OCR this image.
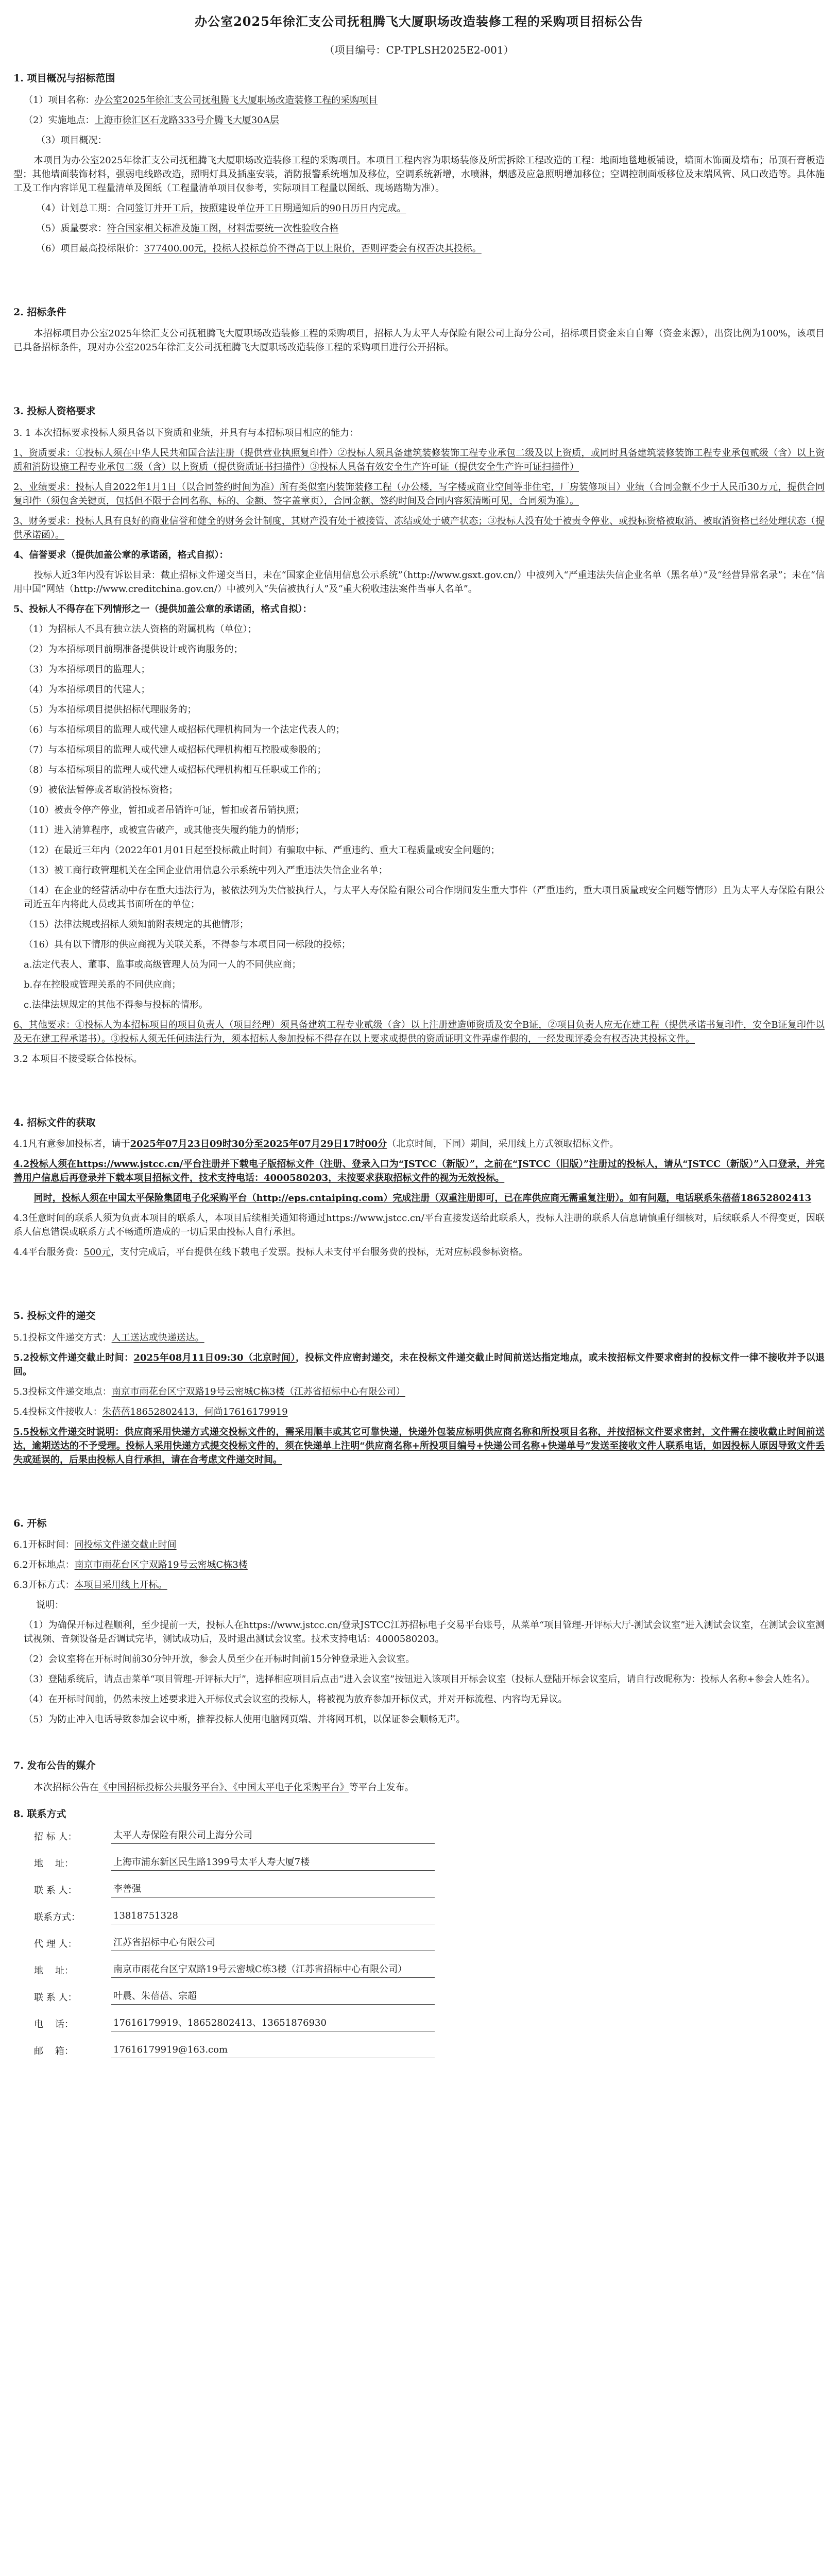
办公室2025年徐汇支公司抚租腾飞大厦职场改造装修工程的采购项目招标公告
（项目编号：CP-TPLSH2025E2-001）
1. 项目概况与招标范围

（1）项目名称：办公室2025年徐汇支公司抚租腾飞大厦职场改造装修工程的采购项目

（2）实施地点：上海市徐汇区石龙路333号介腾飞大厦30A层

（3）项目概况：

本项目为办公室2025年徐汇支公司抚租腾飞大厦职场改造装修工程的采购项目。本项目工程内容为职场装修及所需拆除工程改造的工程：地面地毯地板铺设，墙面木饰面及墙布；吊顶石膏板造型；其他墙面装饰材料，强弱电线路改造，照明灯具及插座安装，消防报警系统增加及移位，空调系统新增，水喷淋，烟感及应急照明增加移位；空调控制面板移位及末端风管、风口改造等。具体施工及工作内容详见工程量清单及图纸（工程量清单项目仅参考，实际项目工程量以图纸、现场踏勘为准）。

（4）计划总工期：合同签订并开工后，按照建设单位开工日期通知后的90日历日内完成。

（5）质量要求：符合国家相关标准及施工图，材料需要统一次性验收合格

（6）项目最高投标限价：377400.00元，投标人投标总价不得高于以上限价，否则评委会有权否决其投标。

2. 招标条件

本招标项目办公室2025年徐汇支公司抚租腾飞大厦职场改造装修工程的采购项目，招标人为太平人寿保险有限公司上海分公司，招标项目资金来自自筹（资金来源），出资比例为100%，该项目已具备招标条件，现对办公室2025年徐汇支公司抚租腾飞大厦职场改造装修工程的采购项目进行公开招标。

3. 投标人资格要求

3. 1 本次招标要求投标人须具备以下资质和业绩，并具有与本招标项目相应的能力：

1、资质要求：①投标人须在中华人民共和国合法注册（提供营业执照复印件）②投标人须具备建筑装修装饰工程专业承包二级及以上资质，或同时具备建筑装修装饰工程专业承包贰级（含）以上资质和消防设施工程专业承包二级（含）以上资质（提供资质证书扫描件）③投标人具备有效安全生产许可证（提供安全生产许可证扫描件）

2、业绩要求：投标人自2022年1月1日（以合同签约时间为准）所有类似室内装饰装修工程（办公楼，写字楼或商业空间等非住宅，厂房装修项目）业绩（合同金额不少于人民币30万元，提供合同复印件（须包含关键页，包括但不限于合同名称、标的、金额、签字盖章页），合同金额、签约时间及合同内容须清晰可见，合同须为准）。

3、财务要求：投标人具有良好的商业信誉和健全的财务会计制度，其财产没有处于被接管、冻结或处于破产状态；③投标人没有处于被责令停业、或投标资格被取消、被取消资格已经处理状态（提供承诺函）。

4、信誉要求（提供加盖公章的承诺函，格式自拟）：

投标人近3年内没有诉讼目录：截止招标文件递交当日，未在“国家企业信用信息公示系统”（http://www.gsxt.gov.cn/）中被列入“严重违法失信企业名单（黑名单）”及“经营异常名录”；未在“信用中国”网站（http://www.creditchina.gov.cn/）中被列入“失信被执行人”及“重大税收违法案件当事人名单”。

5、投标人不得存在下列情形之一（提供加盖公章的承诺函，格式自拟）：

（1）为招标人不具有独立法人资格的附属机构（单位）；

（2）为本招标项目前期准备提供设计或咨询服务的；

（3）为本招标项目的监理人；

（4）为本招标项目的代建人；

（5）为本招标项目提供招标代理服务的；

（6）与本招标项目的监理人或代建人或招标代理机构同为一个法定代表人的；

（7）与本招标项目的监理人或代建人或招标代理机构相互控股或参股的；

（8）与本招标项目的监理人或代建人或招标代理机构相互任职或工作的；

（9）被依法暂停或者取消投标资格；

（10）被责令停产停业，暂扣或者吊销许可证，暂扣或者吊销执照；

（11）进入清算程序，或被宣告破产，或其他丧失履约能力的情形；

（12）在最近三年内（2022年01月01日起至投标截止时间）有骗取中标、严重违约、重大工程质量或安全问题的；

（13）被工商行政管理机关在全国企业信用信息公示系统中列入严重违法失信企业名单；

（14）在企业的经营活动中存在重大违法行为，被依法列为失信被执行人，与太平人寿保险有限公司合作期间发生重大事件（严重违约，重大项目质量或安全问题等情形）且为太平人寿保险有限公司近五年内将此人员或其书面所在的单位；

（15）法律法规或招标人须知前附表规定的其他情形；

（16）具有以下情形的供应商视为关联关系，不得参与本项目同一标段的投标；

a.法定代表人、董事、监事或高级管理人员为同一人的不同供应商；

b.存在控股或管理关系的不同供应商；

c.法律法规规定的其他不得参与投标的情形。

6、其他要求：①投标人为本招标项目的项目负责人（项目经理）须具备建筑工程专业贰级（含）以上注册建造师资质及安全B证，②项目负责人应无在建工程（提供承诺书复印件，安全B证复印件以及无在建工程承诺书）。③投标人须无任何违法行为，须本招标人参加投标不得存在以上要求或提供的资质证明文件弄虚作假的，一经发现评委会有权否决其投标文件。

3.2 本项目不接受联合体投标。

4. 招标文件的获取

4.1凡有意参加投标者，请于2025年07月23日09时30分至2025年07月29日17时00分（北京时间，下同）期间，采用线上方式领取招标文件。

4.2投标人须在https://www.jstcc.cn/平台注册并下载电子版招标文件（注册、登录入口为“JSTCC（新版）”，之前在“JSTCC（旧版）”注册过的投标人，请从“JSTCC（新版）”入口登录，并完善用户信息后再登录并下载本项目招标文件，技术支持电话：4000580203，未按要求获取招标文件的视为无效投标。

同时，投标人须在中国太平保险集团电子化采购平台（http://eps.cntaiping.com）完成注册（双重注册即可，已在库供应商无需重复注册）。如有问题，电话联系朱蓓蓓18652802413

4.3任意时间的联系人须为负责本项目的联系人，本项目后续相关通知将通过https://www.jstcc.cn/平台直接发送给此联系人，投标人注册的联系人信息请慎重仔细核对，后续联系人不得变更，因联系人信息错误或联系方式不畅通所造成的一切后果由投标人自行承担。

4.4平台服务费：500元，支付完成后，平台提供在线下载电子发票。投标人未支付平台服务费的投标，无对应标段参标资格。

5. 投标文件的递交

5.1投标文件递交方式：人工送达或快递送达。

5.2投标文件递交截止时间：2025年08月11日09:30（北京时间），投标文件应密封递交，未在投标文件递交截止时间前送达指定地点，或未按招标文件要求密封的投标文件一律不接收并予以退回。

5.3投标文件递交地点：南京市雨花台区宁双路19号云密城C栋3楼（江苏省招标中心有限公司）

5.4投标文件接收人：朱蓓蓓18652802413，何尚17616179919

5.5投标文件递交时说明：供应商采用快递方式递交投标文件的，需采用顺丰或其它可靠快递，快递外包装应标明供应商名称和所投项目名称，并按招标文件要求密封，文件需在接收截止时间前送达，逾期送达的不予受理。投标人采用快递方式提交投标文件的，须在快递单上注明“供应商名称+所投项目编号+快递公司名称+快递单号”发送至接收文件人联系电话，如因投标人原因导致文件丢失或延误的，后果由投标人自行承担，请在合考虑文件递交时间。

6. 开标

6.1开标时间：同投标文件递交截止时间

6.2开标地点：南京市雨花台区宁双路19号云密城C栋3楼

6.3开标方式：本项目采用线上开标。

说明：

（1）为确保开标过程顺利，至少提前一天，投标人在https://www.jstcc.cn/登录JSTCC江苏招标电子交易平台账号，从菜单“项目管理-开评标大厅-测试会议室”进入测试会议室，在测试会议室测试视频、音频设备是否调试完毕，测试成功后，及时退出测试会议室。技术支持电话：4000580203。

（2）会议室将在开标时间前30分钟开放，参会人员至少在开标时间前15分钟登录进入会议室。

（3）登陆系统后，请点击菜单“项目管理-开评标大厅”，选择相应项目后点击“进入会议室”按钮进入该项目开标会议室（投标人登陆开标会议室后，请自行改昵称为：投标人名称+参会人姓名）。

（4）在开标时间前，仍然未按上述要求进入开标仪式会议室的投标人，将被视为放弃参加开标仪式，并对开标流程、内容均无异议。

（5）为防止冲入电话导致参加会议中断，推荐投标人使用电脑网页端、并将网耳机，以保证参会顺畅无声。

7. 发布公告的媒介

本次招标公告在《中国招标投标公共服务平台》、《中国太平电子化采购平台》等平台上发布。

8. 联系方式
招 标 人：	太平人寿保险有限公司上海分公司
地    址：	上海市浦东新区民生路1399号太平人寿大厦7楼
联 系 人：	李善强
联系方式：	13818751328
代 理 人：	江苏省招标中心有限公司
地    址：	南京市雨花台区宁双路19号云密城C栋3楼（江苏省招标中心有限公司）
联 系 人：	叶晨、朱蓓蓓、宗超
电    话：	17616179919、18652802413、13651876930
邮    箱：	17616179919@163.com
